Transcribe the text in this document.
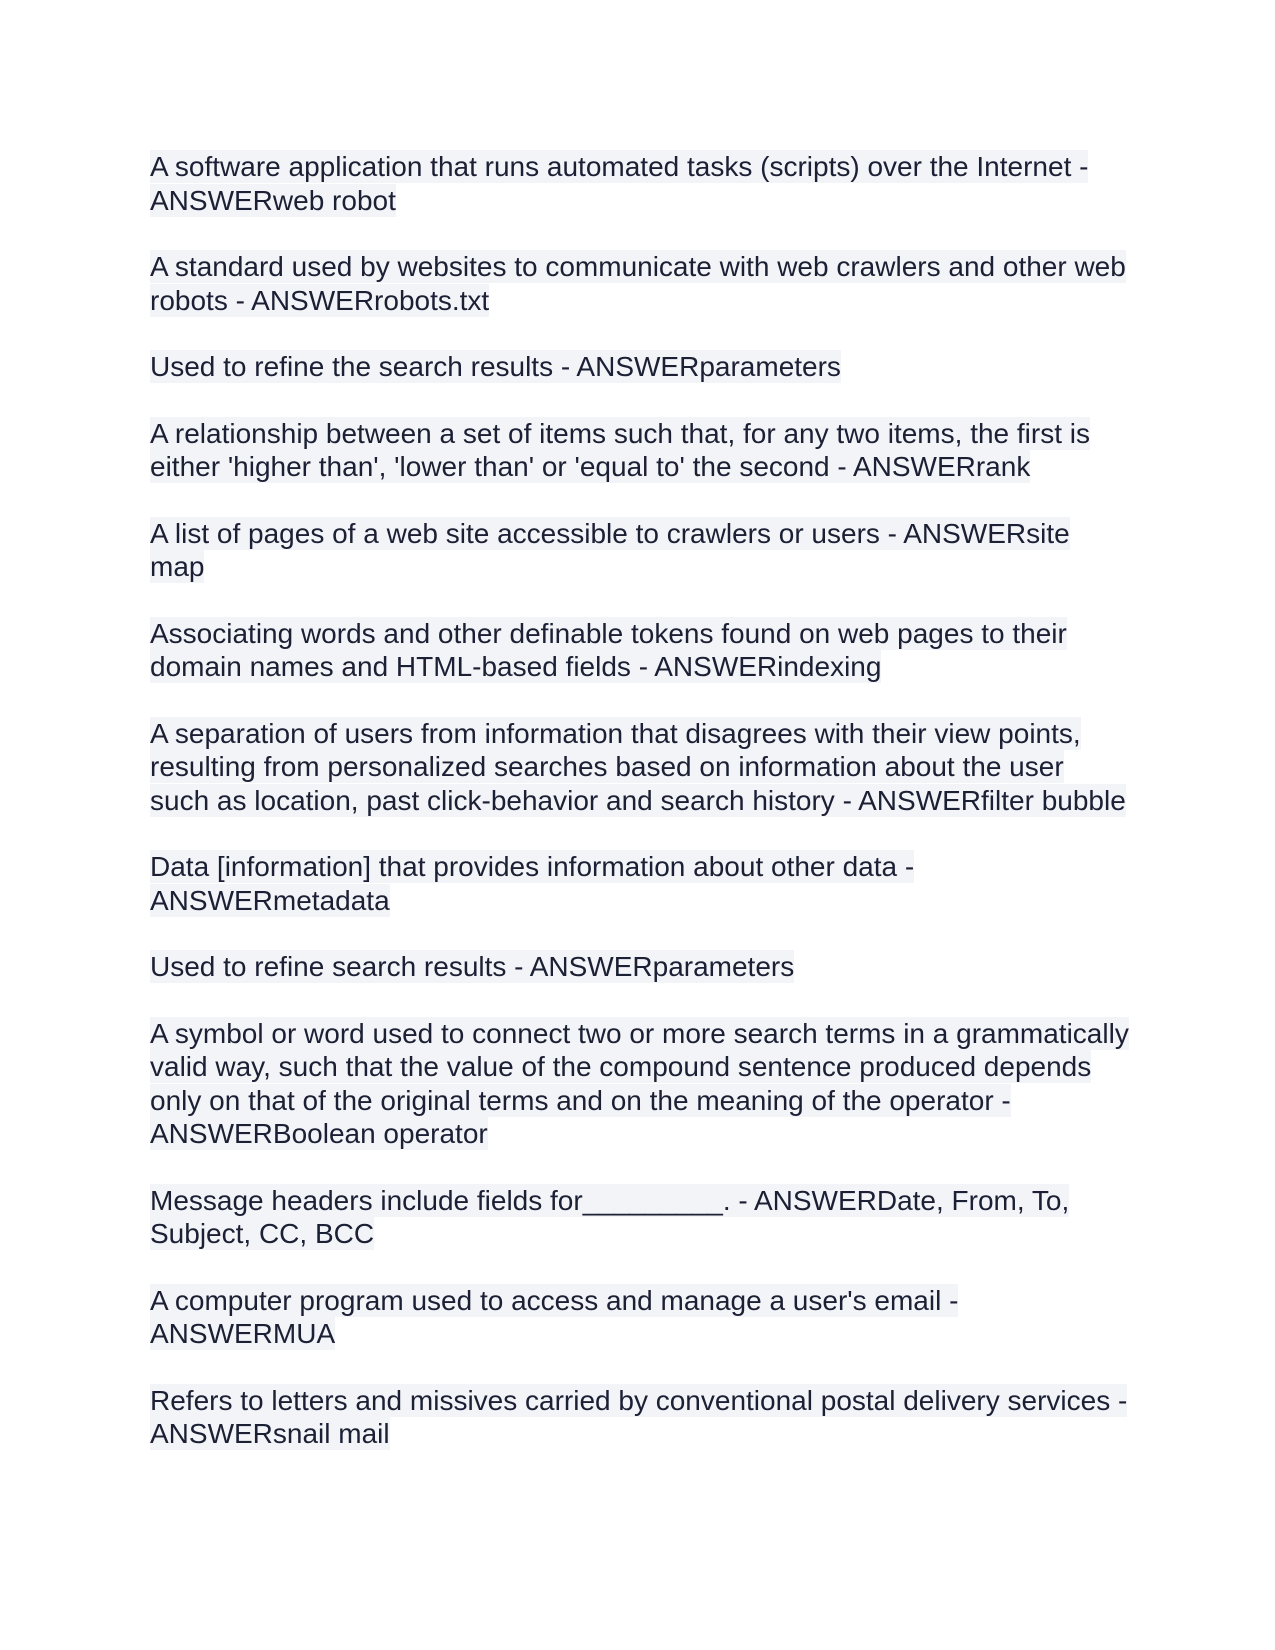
A software application that runs automated tasks (scripts) over the Internet - ANSWERweb robot

A standard used by websites to communicate with web crawlers and other web robots - ANSWERrobots.txt

Used to refine the search results - ANSWERparameters

A relationship between a set of items such that, for any two items, the first is either 'higher than', 'lower than' or 'equal to' the second - ANSWERrank

A list of pages of a web site accessible to crawlers or users - ANSWERsite map

Associating words and other definable tokens found on web pages to their domain names and HTML-based fields - ANSWERindexing

A separation of users from information that disagrees with their view points, resulting from personalized searches based on information about the user such as location, past click-behavior and search history - ANSWERfilter bubble

Data [information] that provides information about other data - ANSWERmetadata

Used to refine search results - ANSWERparameters

A symbol or word used to connect two or more search terms in a grammatically valid way, such that the value of the compound sentence produced depends only on that of the original terms and on the meaning of the operator - ANSWERBoolean operator

Message headers include fields for_________. - ANSWERDate, From, To, Subject, CC, BCC

A computer program used to access and manage a user's email - ANSWERMUA

Refers to letters and missives carried by conventional postal delivery services - ANSWERsnail mail
